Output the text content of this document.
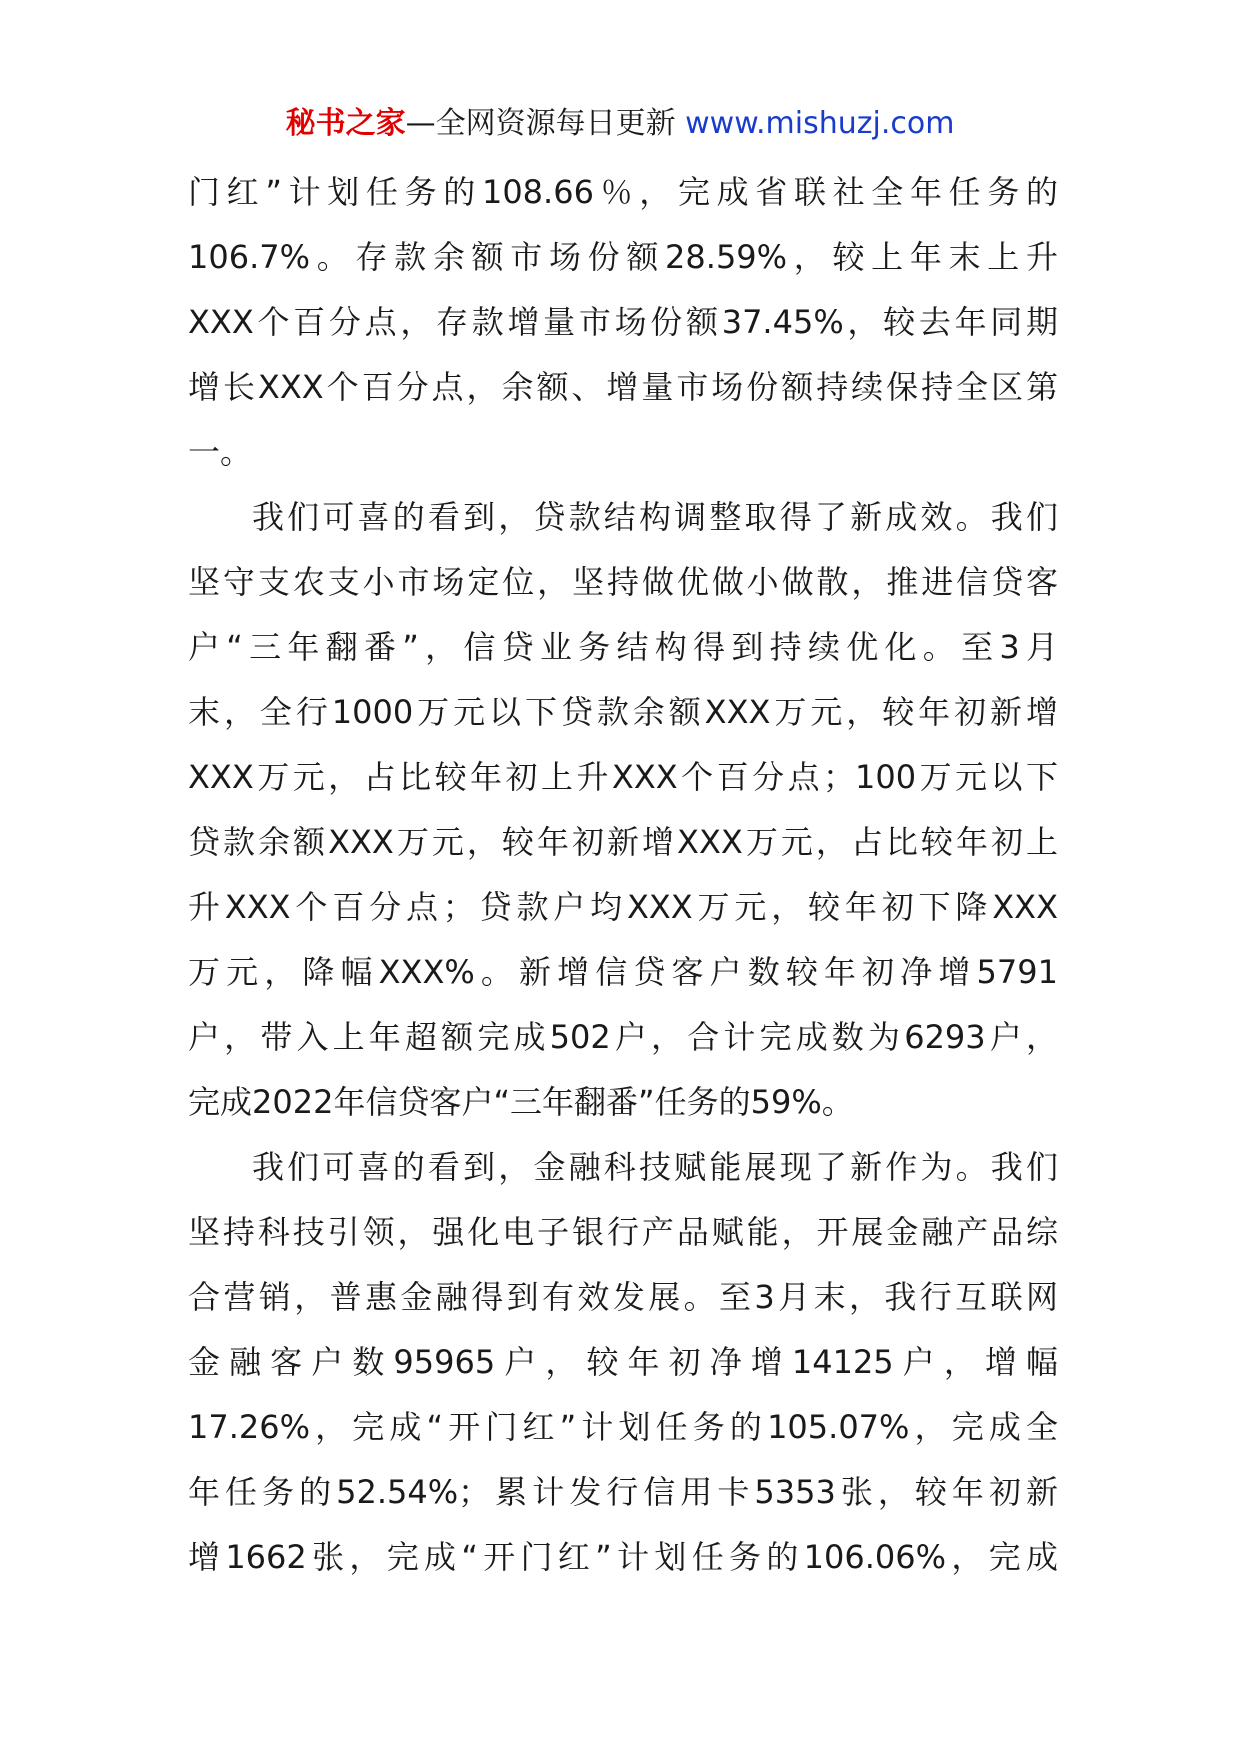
秘书之家—全网资源每日更新 www.mishuzj.com
门红”计划任务的108.66％，完成省联社全年任务的
106.7%。存款余额市场份额28.59%，较上年末上升
XXX个百分点，存款增量市场份额37.45%，较去年同期
增长XXX个百分点，余额、增量市场份额持续保持全区第
一。
我们可喜的看到，贷款结构调整取得了新成效。我们
坚守支农支小市场定位，坚持做优做小做散，推进信贷客
户“三年翻番”，信贷业务结构得到持续优化。至3月
末，全行1000万元以下贷款余额XXX万元，较年初新增
XXX万元，占比较年初上升XXX个百分点；100万元以下
贷款余额XXX万元，较年初新增XXX万元，占比较年初上
升XXX个百分点；贷款户均XXX万元，较年初下降XXX
万元，降幅XXX%。新增信贷客户数较年初净增5791
户，带入上年超额完成502户，合计完成数为6293户，
完成2022年信贷客户“三年翻番”任务的59%。
我们可喜的看到，金融科技赋能展现了新作为。我们
坚持科技引领，强化电子银行产品赋能，开展金融产品综
合营销，普惠金融得到有效发展。至3月末，我行互联网
金融客户数95965户，较年初净增14125户，增幅
17.26%，完成“开门红”计划任务的105.07%，完成全
年任务的52.54%；累计发行信用卡5353张，较年初新
增1662张，完成“开门红”计划任务的106.06%，完成
